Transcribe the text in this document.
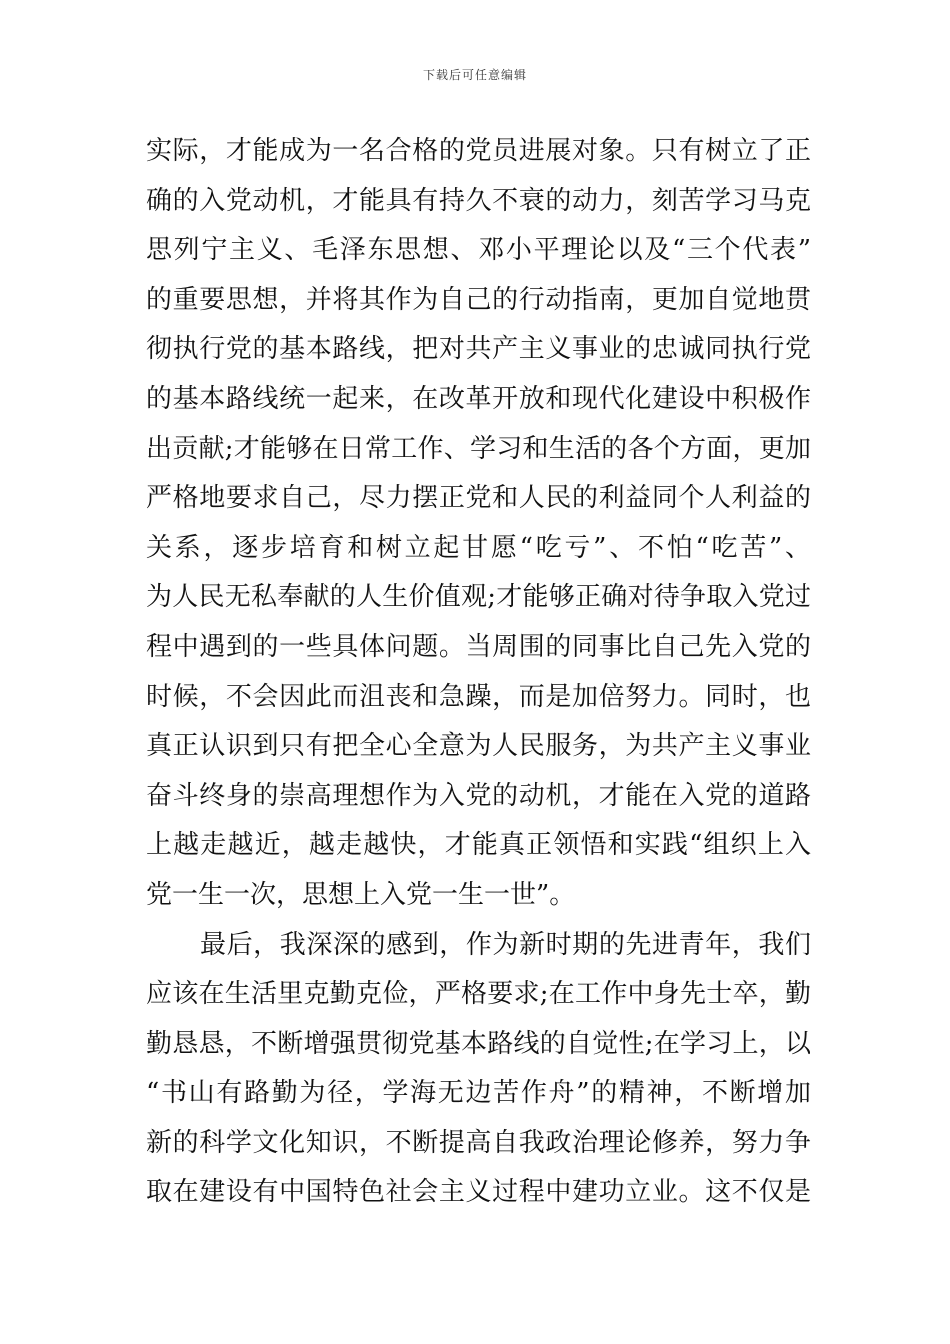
下载后可任意编辑
实际，才能成为一名合格的党员进展对象。只有树立了正
确的入党动机，才能具有持久不衰的动力，刻苦学习马克
思列宁主义、毛泽东思想、邓小平理论以及“三个代表”
的重要思想，并将其作为自己的行动指南，更加自觉地贯
彻执行党的基本路线，把对共产主义事业的忠诚同执行党
的基本路线统一起来，在改革开放和现代化建设中积极作
出贡献;才能够在日常工作、学习和生活的各个方面，更加
严格地要求自己，尽力摆正党和人民的利益同个人利益的
关系，逐步培育和树立起甘愿“吃亏”、不怕“吃苦”、
为人民无私奉献的人生价值观;才能够正确对待争取入党过
程中遇到的一些具体问题。当周围的同事比自己先入党的
时候，不会因此而沮丧和急躁，而是加倍努力。同时，也
真正认识到只有把全心全意为人民服务，为共产主义事业
奋斗终身的崇高理想作为入党的动机，才能在入党的道路
上越走越近，越走越快，才能真正领悟和实践“组织上入
党一生一次，思想上入党一生一世”。
最后，我深深的感到，作为新时期的先进青年，我们
应该在生活里克勤克俭，严格要求;在工作中身先士卒，勤
勤恳恳，不断增强贯彻党基本路线的自觉性;在学习上，以
“书山有路勤为径，学海无边苦作舟”的精神，不断增加
新的科学文化知识，不断提高自我政治理论修养，努力争
取在建设有中国特色社会主义过程中建功立业。这不仅是
